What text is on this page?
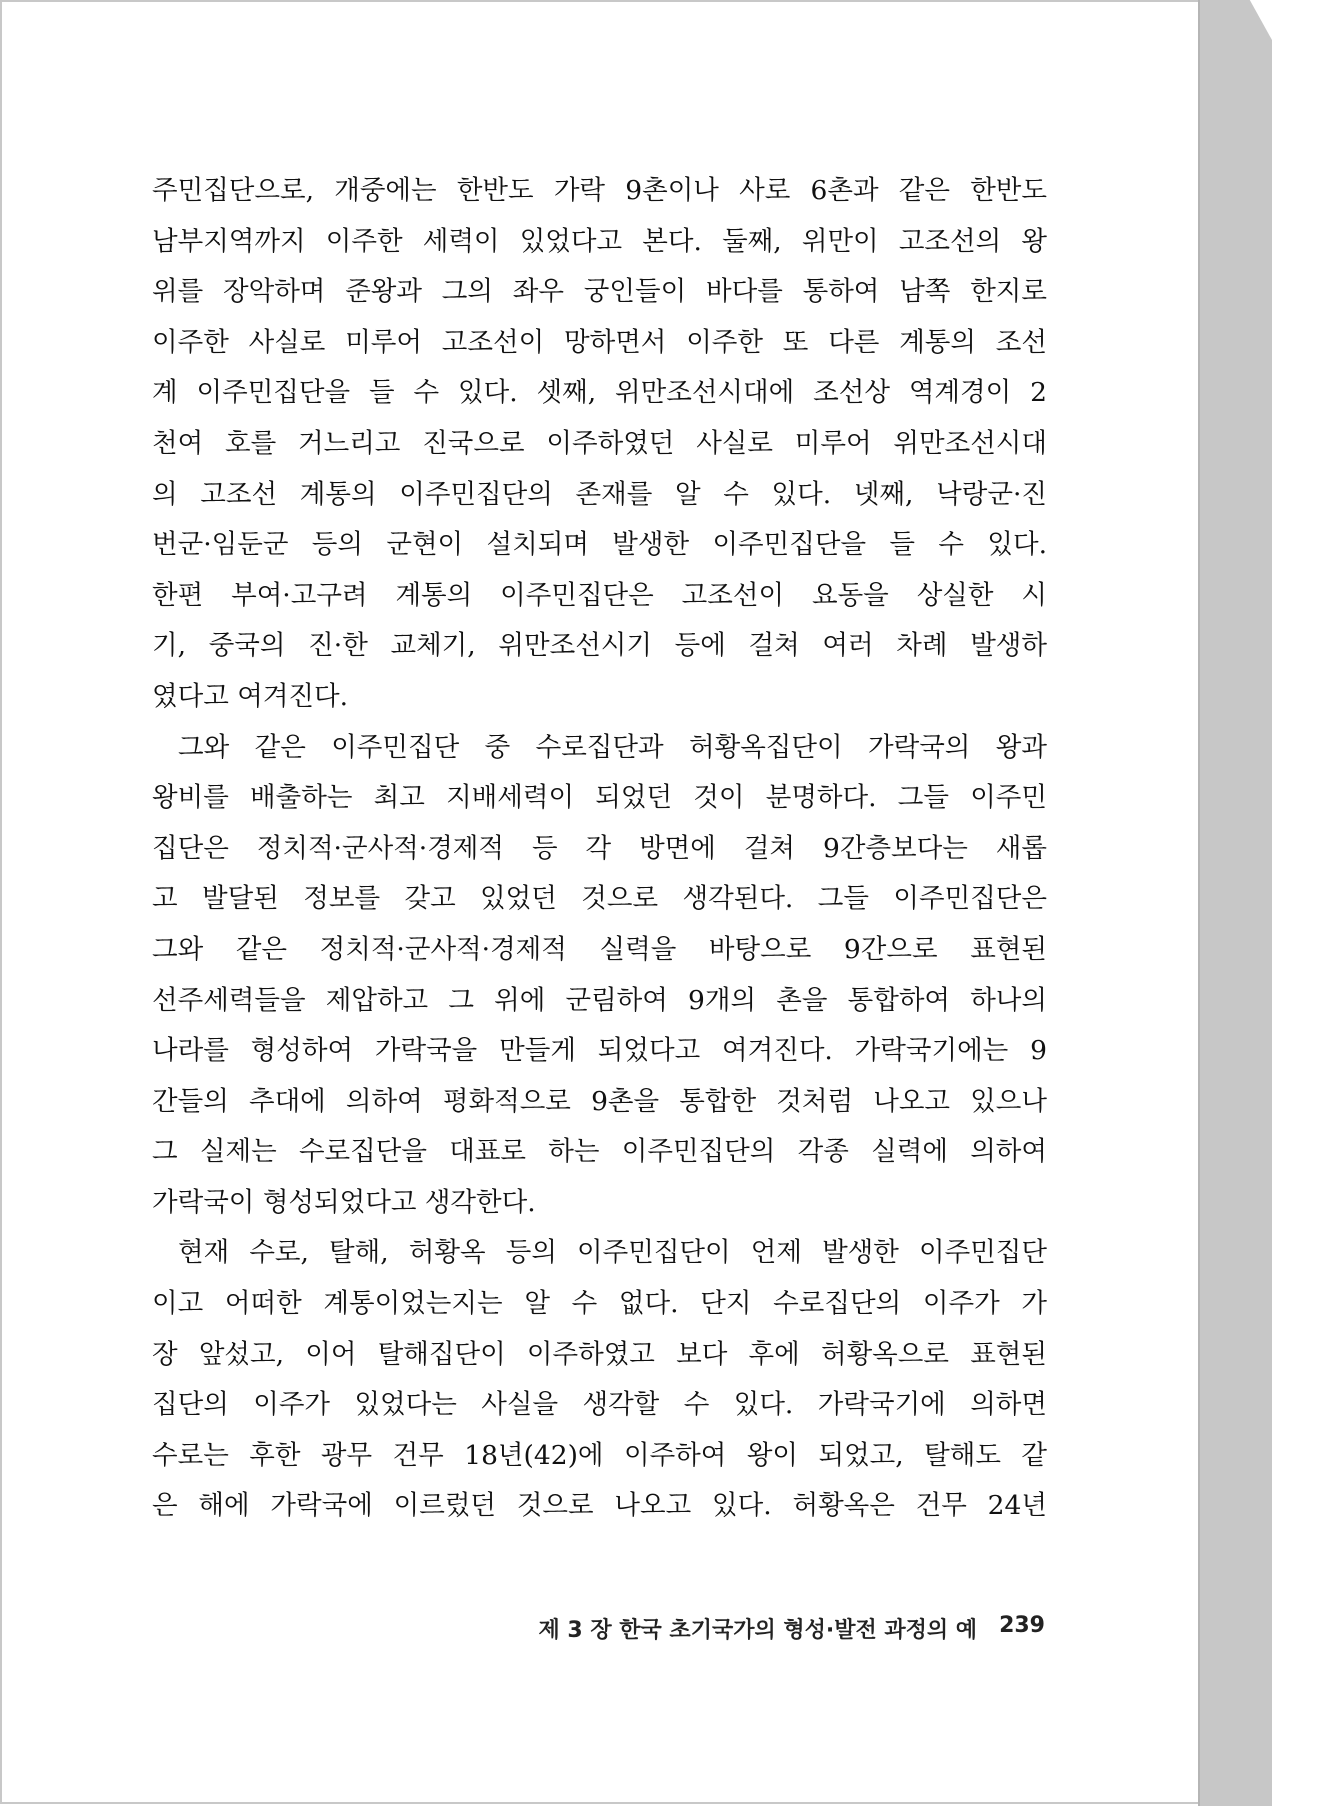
주민집단으로, 개중에는 한반도 가락 9촌이나 사로 6촌과 같은 한반도
남부지역까지 이주한 세력이 있었다고 본다. 둘째, 위만이 고조선의 왕
위를 장악하며 준왕과 그의 좌우 궁인들이 바다를 통하여 남쪽 한지로
이주한 사실로 미루어 고조선이 망하면서 이주한 또 다른 계통의 조선
계 이주민집단을 들 수 있다. 셋째, 위만조선시대에 조선상 역계경이 2
천여 호를 거느리고 진국으로 이주하였던 사실로 미루어 위만조선시대
의 고조선 계통의 이주민집단의 존재를 알 수 있다. 넷째, 낙랑군·진
번군·임둔군 등의 군현이 설치되며 발생한 이주민집단을 들 수 있다.
한편 부여·고구려 계통의 이주민집단은 고조선이 요동을 상실한 시
기, 중국의 진·한 교체기, 위만조선시기 등에 걸쳐 여러 차례 발생하
였다고 여겨진다.
그와 같은 이주민집단 중 수로집단과 허황옥집단이 가락국의 왕과
왕비를 배출하는 최고 지배세력이 되었던 것이 분명하다. 그들 이주민
집단은 정치적·군사적·경제적 등 각 방면에 걸쳐 9간층보다는 새롭
고 발달된 정보를 갖고 있었던 것으로 생각된다. 그들 이주민집단은
그와 같은 정치적·군사적·경제적 실력을 바탕으로 9간으로 표현된
선주세력들을 제압하고 그 위에 군림하여 9개의 촌을 통합하여 하나의
나라를 형성하여 가락국을 만들게 되었다고 여겨진다. 가락국기에는 9
간들의 추대에 의하여 평화적으로 9촌을 통합한 것처럼 나오고 있으나
그 실제는 수로집단을 대표로 하는 이주민집단의 각종 실력에 의하여
가락국이 형성되었다고 생각한다.
현재 수로, 탈해, 허황옥 등의 이주민집단이 언제 발생한 이주민집단
이고 어떠한 계통이었는지는 알 수 없다. 단지 수로집단의 이주가 가
장 앞섰고, 이어 탈해집단이 이주하였고 보다 후에 허황옥으로 표현된
집단의 이주가 있었다는 사실을 생각할 수 있다. 가락국기에 의하면
수로는 후한 광무 건무 18년(42)에 이주하여 왕이 되었고, 탈해도 같
은 해에 가락국에 이르렀던 것으로 나오고 있다. 허황옥은 건무 24년
제 3 장 한국 초기국가의 형성·발전 과정의 예 239
